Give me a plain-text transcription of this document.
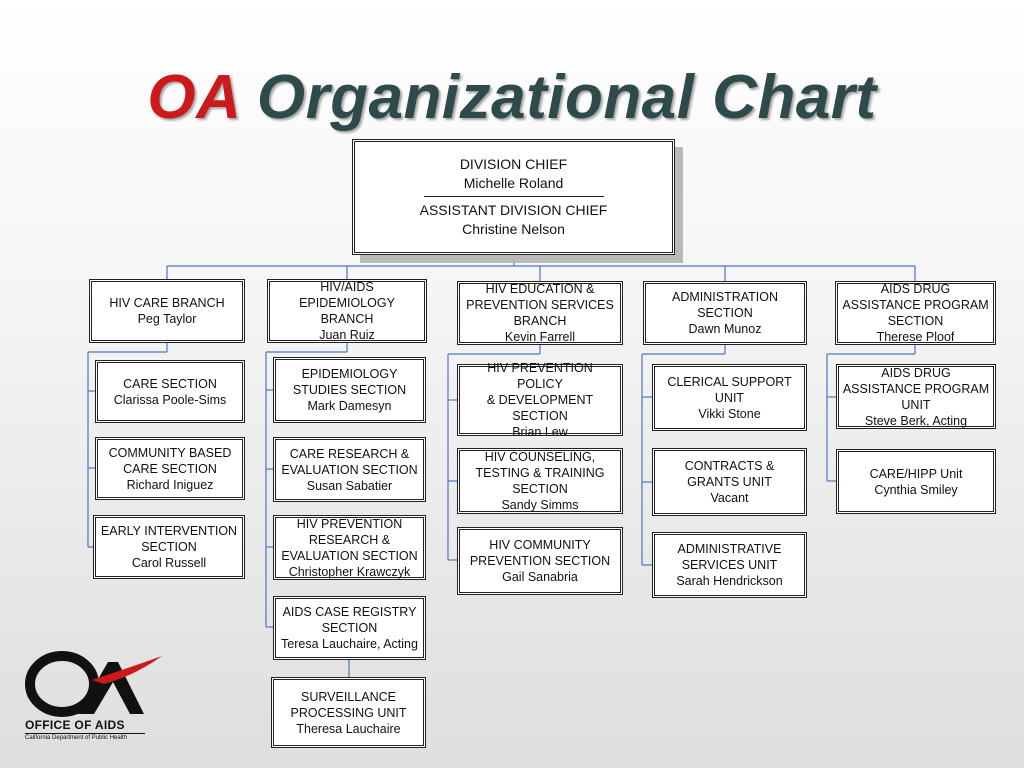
OA Organizational Chart
DIVISION CHIEF
Michelle Roland
ASSISTANT DIVISION CHIEF
Christine Nelson
HIV CARE BRANCH
Peg Taylor
CARE SECTION
Clarissa Poole-Sims
COMMUNITY BASED
CARE SECTION
Richard Iniguez
EARLY INTERVENTION
SECTION
Carol Russell
HIV/AIDS
EPIDEMIOLOGY
BRANCH
Juan Ruiz
EPIDEMIOLOGY
STUDIES SECTION
Mark Damesyn
CARE RESEARCH &
EVALUATION SECTION
Susan Sabatier
HIV PREVENTION
RESEARCH &
EVALUATION SECTION
Christopher Krawczyk
AIDS CASE REGISTRY
SECTION
Teresa Lauchaire, Acting
SURVEILLANCE
PROCESSING UNIT
Theresa Lauchaire
HIV EDUCATION &
PREVENTION SERVICES
BRANCH
Kevin Farrell
HIV PREVENTION POLICY
& DEVELOPMENT
SECTION
Brian Lew
HIV COUNSELING,
TESTING & TRAINING
SECTION
Sandy Simms
HIV COMMUNITY
PREVENTION SECTION
Gail Sanabria
ADMINISTRATION
SECTION
Dawn Munoz
CLERICAL SUPPORT
UNIT
Vikki Stone
CONTRACTS &
GRANTS UNIT
Vacant
ADMINISTRATIVE
SERVICES UNIT
Sarah Hendrickson
AIDS DRUG
ASSISTANCE PROGRAM
SECTION
Therese Ploof
AIDS DRUG
ASSISTANCE PROGRAM
UNIT
Steve Berk, Acting
CARE/HIPP Unit
Cynthia Smiley
OFFICE OF AIDS
California Department of Public Health
